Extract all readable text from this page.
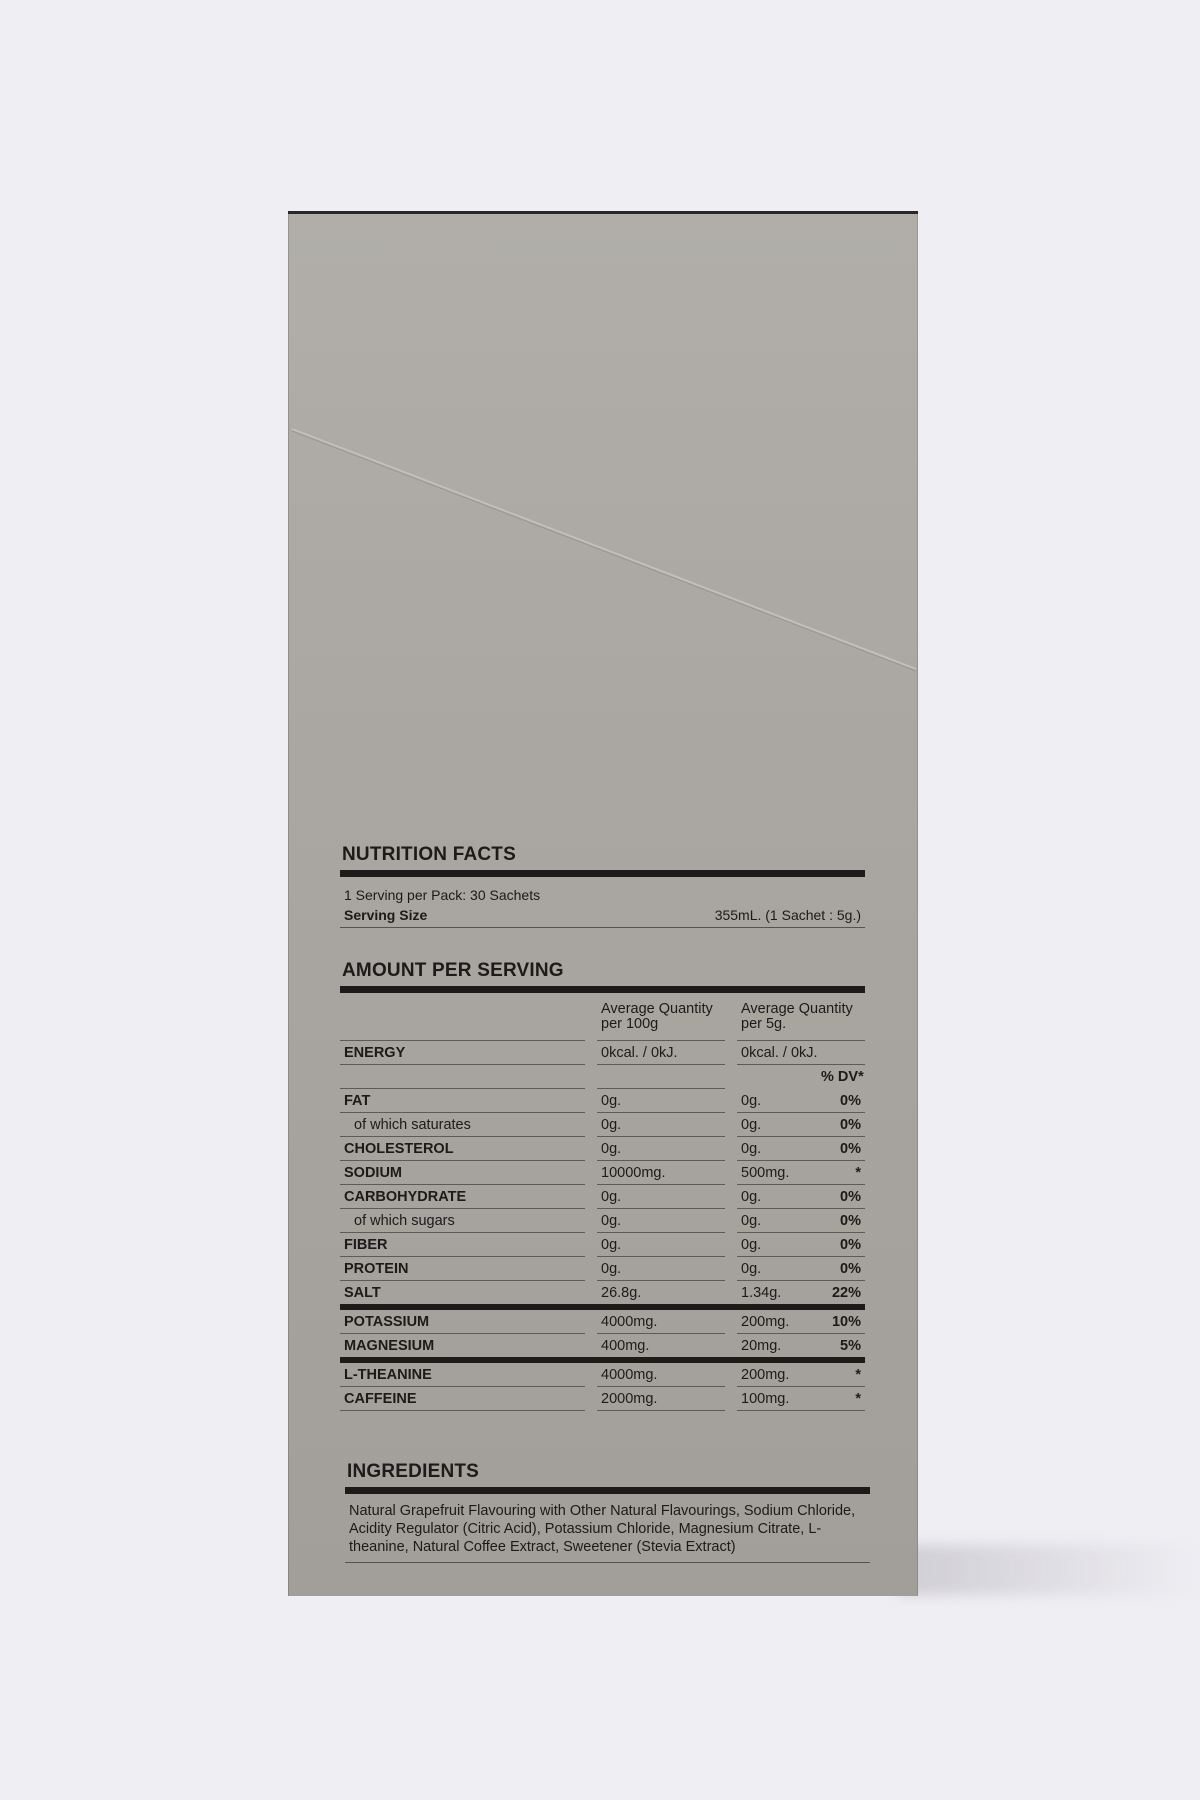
NUTRITION FACTS
1 Serving per Pack: 30 Sachets
Serving Size	355mL. (1 Sachet : 5g.)
AMOUNT PER SERVING
		Average Quantity per 100g		Average Quantity per 5g.	
ENERGY		0kcal. / 0kJ.		0kcal. / 0kJ.	
					% DV*
FAT		0g.		0g.	0%
of which saturates		0g.		0g.	0%
CHOLESTEROL		0g.		0g.	0%
SODIUM		10000mg.		500mg.	*
CARBOHYDRATE		0g.		0g.	0%
of which sugars		0g.		0g.	0%
FIBER		0g.		0g.	0%
PROTEIN		0g.		0g.	0%
SALT		26.8g.		1.34g.	22%
POTASSIUM		4000mg.		200mg.	10%
MAGNESIUM		400mg.		20mg.	5%
L-THEANINE		4000mg.		200mg.	*
CAFFEINE		2000mg.		100mg.	*
INGREDIENTS
Natural Grapefruit Flavouring with Other Natural Flavourings, Sodium Chloride, Acidity Regulator (Citric Acid), Potassium Chloride, Magnesium Citrate, L-theanine, Natural Coffee Extract, Sweetener (Stevia Extract)
